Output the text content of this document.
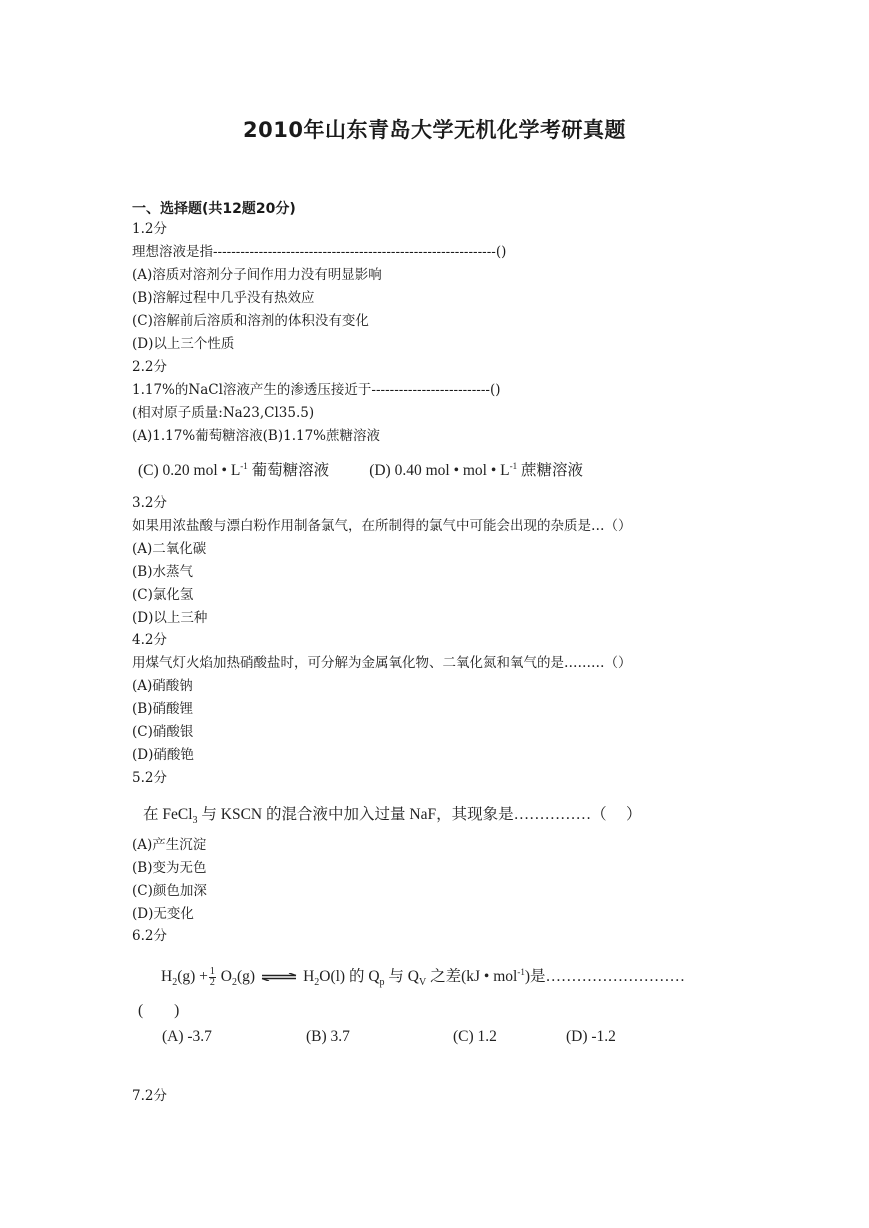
2010年山东青岛大学无机化学考研真题
一、选择题(共12题20分)
1.2分
理想溶液是指--------------------------------------------------------------()
(A)溶质对溶剂分子间作用力没有明显影响
(B)溶解过程中几乎没有热效应
(C)溶解前后溶质和溶剂的体积没有变化
(D)以上三个性质
2.2分
1.17%的NaCl溶液产生的渗透压接近于--------------------------()
(相对原子质量:Na23,Cl35.5)
(A)1.17%葡萄糖溶液(B)1.17%蔗糖溶液
(C) 0.20 mol • $L^{-1}$ 葡萄糖溶液	(D) 0.40 mol • mol • $L^{-1}$ 蔗糖溶液
3.2分
如果用浓盐酸与漂白粉作用制备氯气，在所制得的氯气中可能会出现的杂质是…（）
(A)二氧化碳
(B)水蒸气
(C)氯化氢
(D)以上三种
4.2分
用煤气灯火焰加热硝酸盐时，可分解为金属氧化物、二氧化氮和氧气的是………（）
(A)硝酸钠
(B)硝酸锂
(C)硝酸银
(D)硝酸铯
5.2分
在 FeCl$_3$ 与 KSCN 的混合液中加入过量 NaF，其现象是……………（　 ）
(A)产生沉淀
(B)变为无色
(C)颜色加深
(D)无变化
6.2分
$H_2(g) + \frac{1}{2} O_2(g)$ ⇌ $H_2O(l)$ 的 $Q_p$ 与 $Q_V$ 之差(kJ • mol$^{-1}$)是………………………
(　　)
(A) -3.7	(B) 3.7	(C) 1.2	(D) -1.2
7.2分
